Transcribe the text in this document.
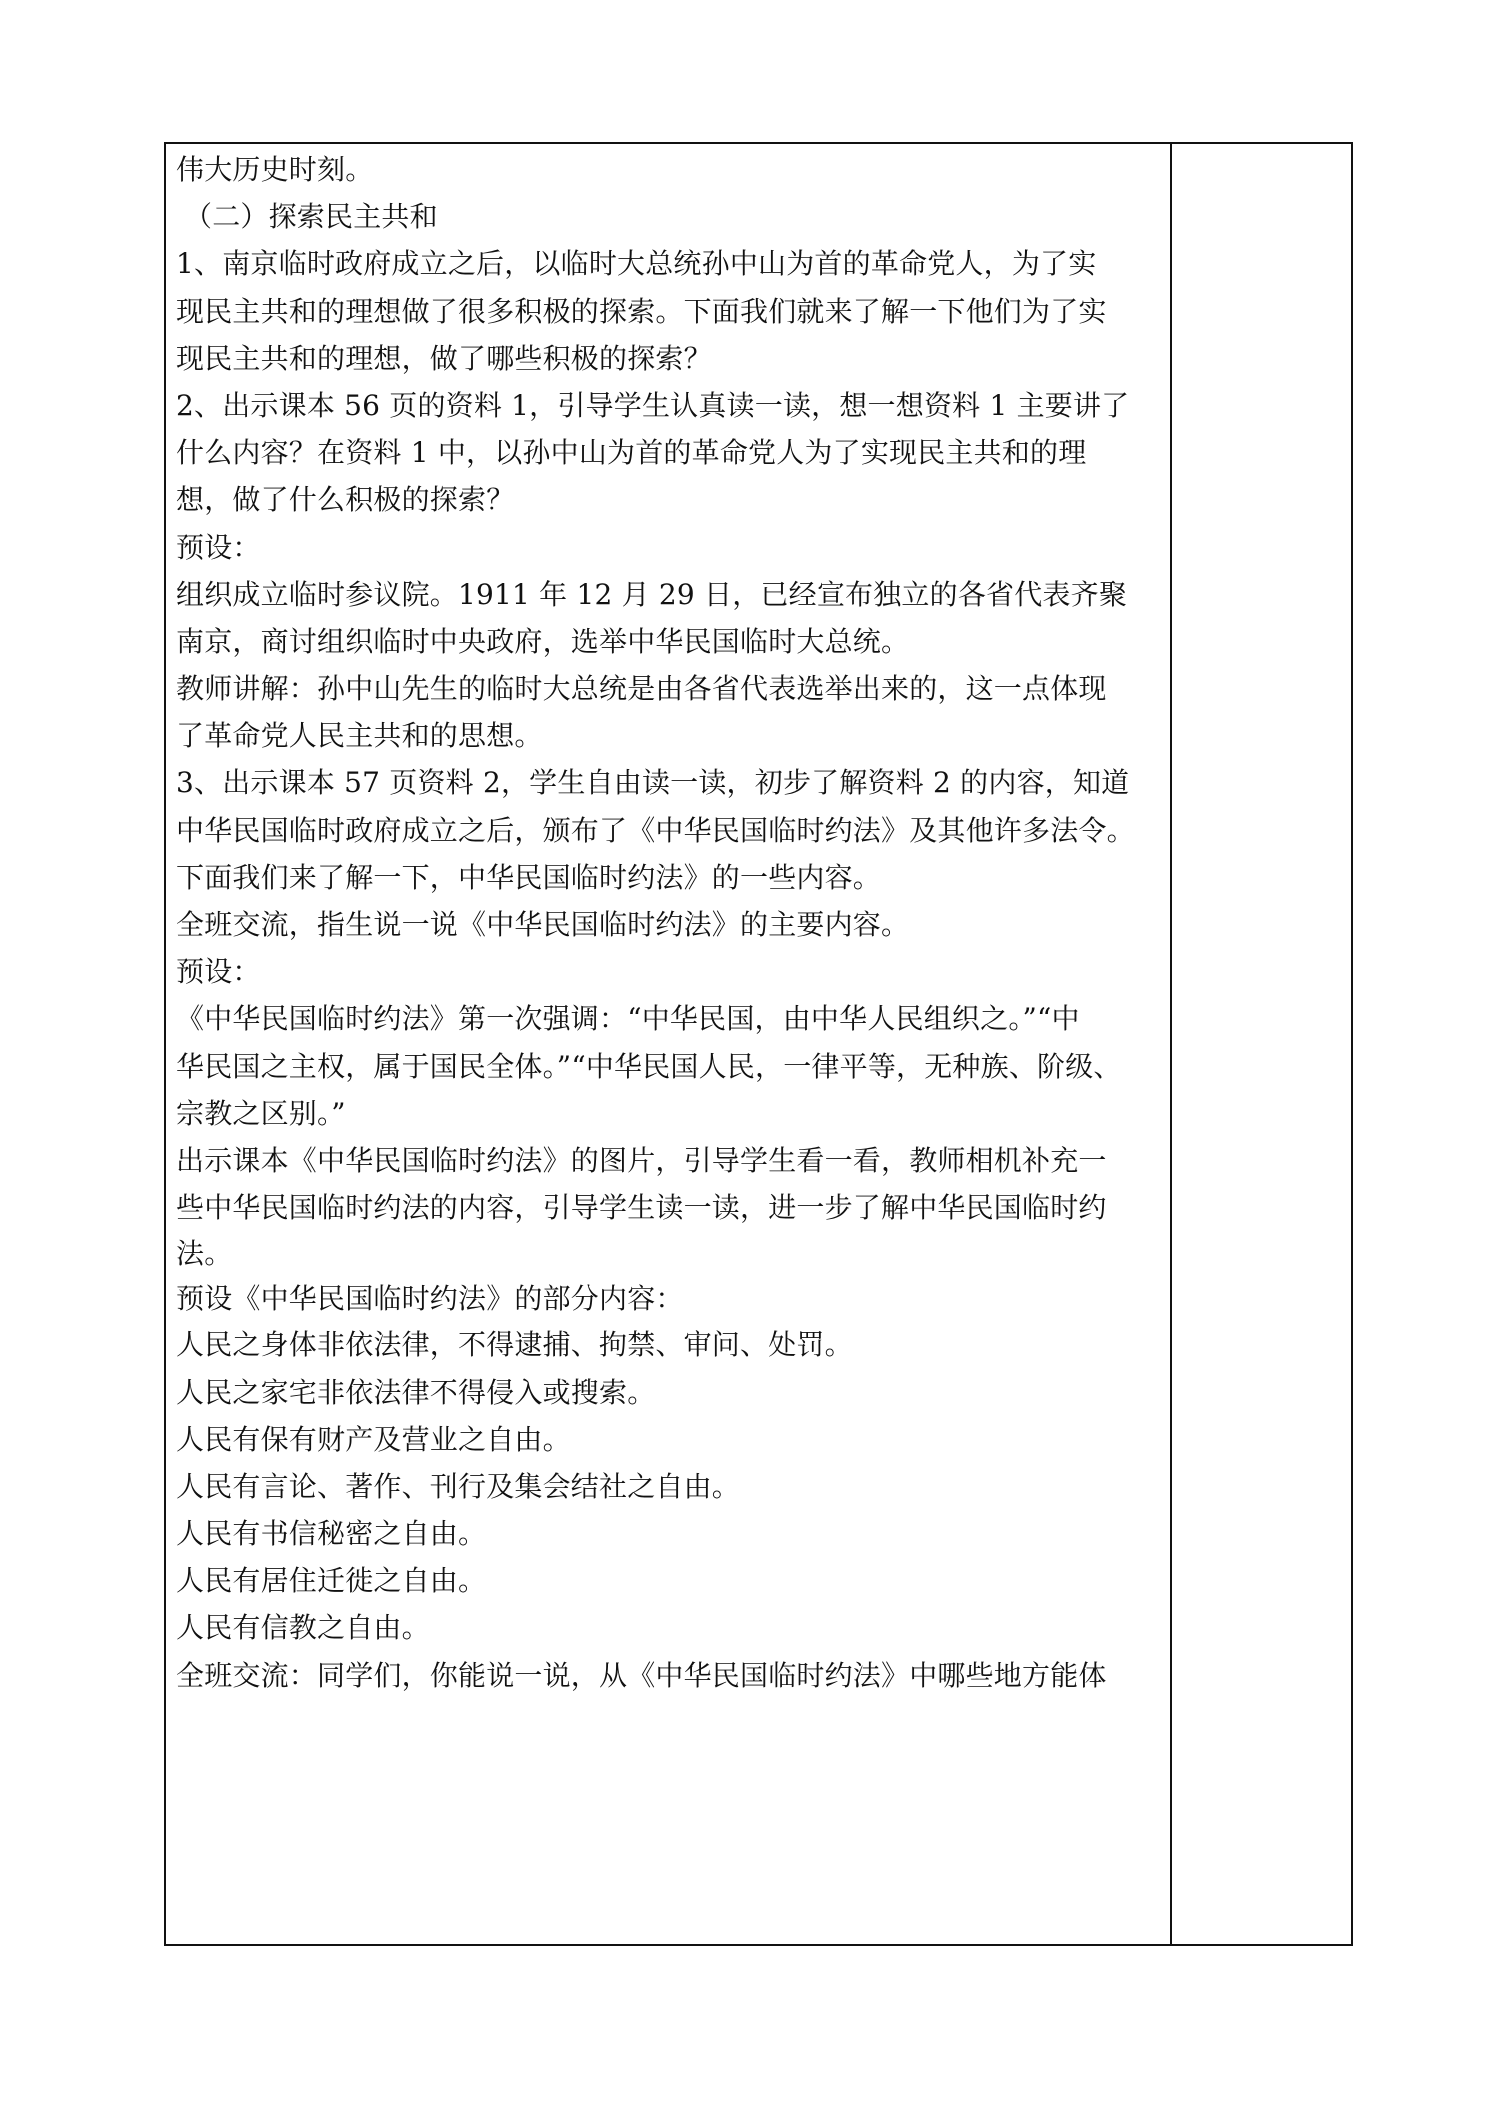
伟大历史时刻。
（二）探索民主共和
1、南京临时政府成立之后，以临时大总统孙中山为首的革命党人，为了实
现民主共和的理想做了很多积极的探索。下面我们就来了解一下他们为了实
现民主共和的理想，做了哪些积极的探索？
2、出示课本 56 页的资料 1，引导学生认真读一读，想一想资料 1 主要讲了
什么内容？在资料 1 中，以孙中山为首的革命党人为了实现民主共和的理
想，做了什么积极的探索？
预设：
组织成立临时参议院。1911 年 12 月 29 日，已经宣布独立的各省代表齐聚
南京，商讨组织临时中央政府，选举中华民国临时大总统。
教师讲解：孙中山先生的临时大总统是由各省代表选举出来的，这一点体现
了革命党人民主共和的思想。
3、出示课本 57 页资料 2，学生自由读一读，初步了解资料 2 的内容，知道
中华民国临时政府成立之后，颁布了《中华民国临时约法》及其他许多法令。
下面我们来了解一下，中华民国临时约法》的一些内容。
全班交流，指生说一说《中华民国临时约法》的主要内容。
预设：
《中华民国临时约法》第一次强调：“中华民国，由中华人民组织之。”“中
华民国之主权，属于国民全体。”“中华民国人民，一律平等，无种族、阶级、
宗教之区别。”
出示课本《中华民国临时约法》的图片，引导学生看一看，教师相机补充一
些中华民国临时约法的内容，引导学生读一读，进一步了解中华民国临时约
法。
预设《中华民国临时约法》的部分内容：
人民之身体非依法律，不得逮捕、拘禁、审问、处罚。
人民之家宅非依法律不得侵入或搜索。
人民有保有财产及营业之自由。
人民有言论、著作、刊行及集会结社之自由。
人民有书信秘密之自由。
人民有居住迁徙之自由。
人民有信教之自由。
全班交流：同学们，你能说一说，从《中华民国临时约法》中哪些地方能体
